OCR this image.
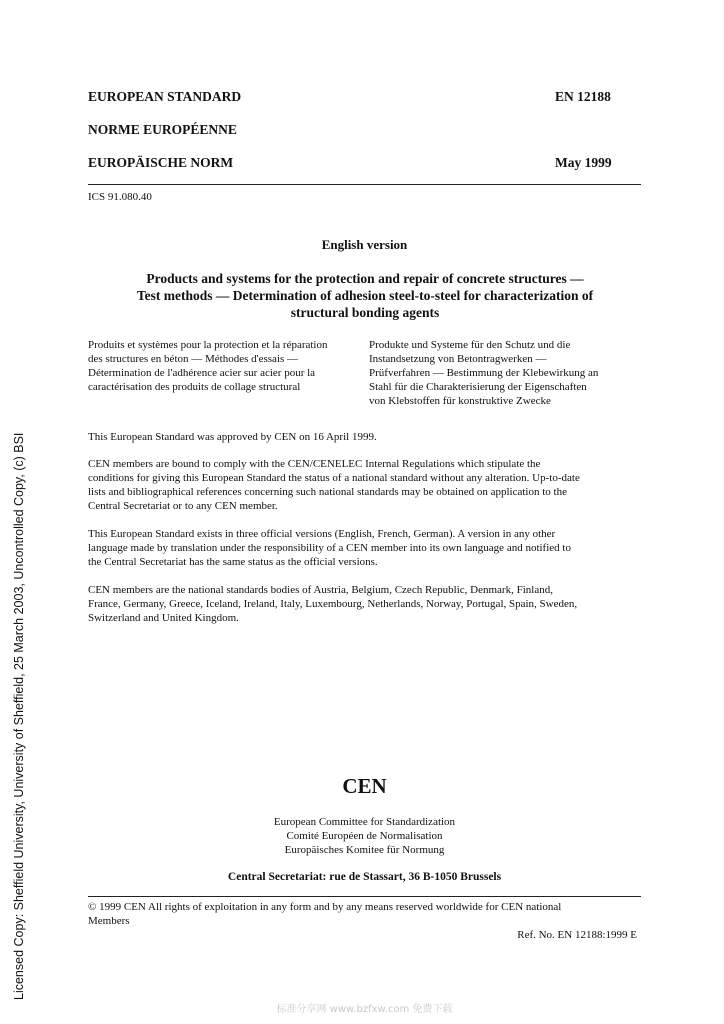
Licensed Copy: Sheffield University, University of Sheffield, 25 March 2003, Uncontrolled Copy, (c) BSI
EUROPEAN STANDARD	EN 12188
NORME EUROPÉENNE
EUROPÄISCHE NORM	May 1999
ICS 91.080.40
English version
Products and systems for the protection and repair of concrete structures —
Test methods — Determination of adhesion steel-to-steel for characterization of
structural bonding agents
Produits et systèmes pour la protection et la réparation
des structures en béton — Méthodes d'essais —
Détermination de l'adhérence acier sur acier pour la
caractérisation des produits de collage structural
Produkte und Systeme für den Schutz und die
Instandsetzung von Betontragwerken —
Prüfverfahren — Bestimmung der Klebewirkung an
Stahl für die Charakterisierung der Eigenschaften
von Klebstoffen für konstruktive Zwecke
This European Standard was approved by CEN on 16 April 1999.
CEN members are bound to comply with the CEN/CENELEC Internal Regulations which stipulate the
conditions for giving this European Standard the status of a national standard without any alteration. Up-to-date
lists and bibliographical references concerning such national standards may be obtained on application to the
Central Secretariat or to any CEN member.
This European Standard exists in three official versions (English, French, German). A version in any other
language made by translation under the responsibility of a CEN member into its own language and notified to
the Central Secretariat has the same status as the official versions.
CEN members are the national standards bodies of Austria, Belgium, Czech Republic, Denmark, Finland,
France, Germany, Greece, Iceland, Ireland, Italy, Luxembourg, Netherlands, Norway, Portugal, Spain, Sweden,
Switzerland and United Kingdom.
CEN
European Committee for Standardization
Comité Européen de Normalisation
Europäisches Komitee für Normung
Central Secretariat: rue de Stassart, 36 B-1050 Brussels
© 1999 CEN All rights of exploitation in any form and by any means reserved worldwide for CEN national
Members
Ref. No. EN 12188:1999 E
标准分享网 www.bzfxw.com 免费下载
